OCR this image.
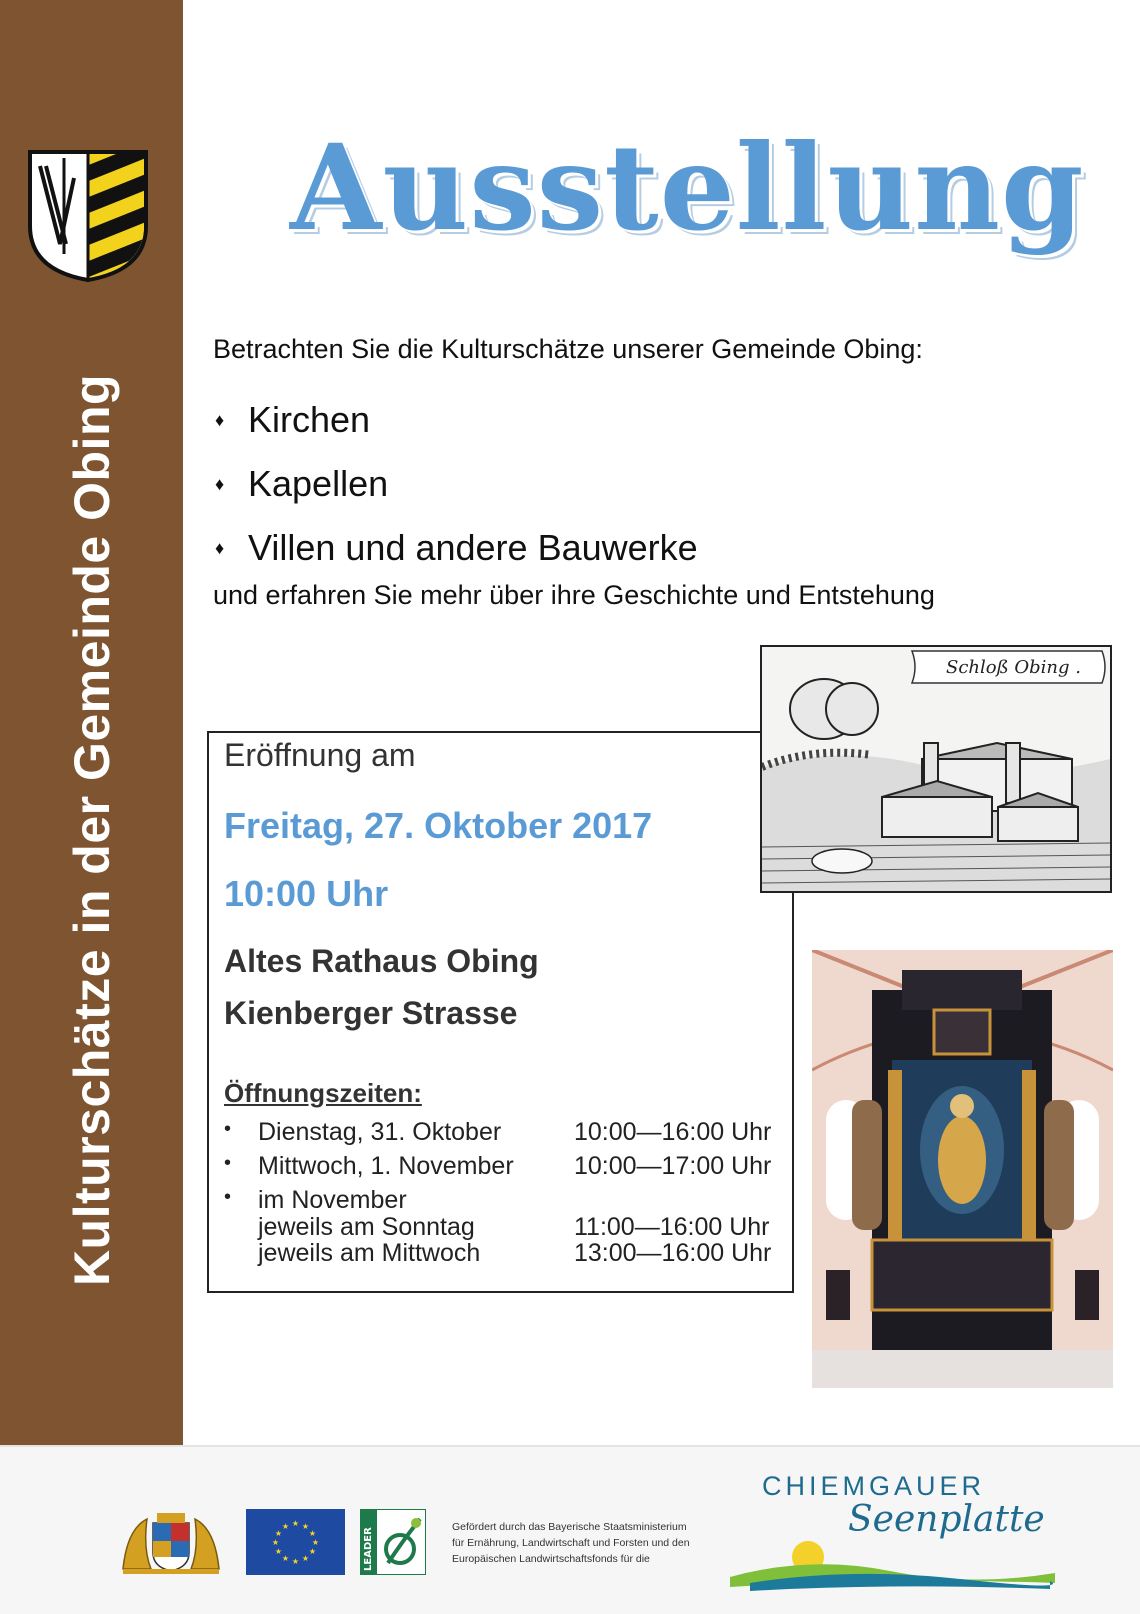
Kulturschätze in der Gemeinde Obing
Ausstellung
Betrachten Sie die Kulturschätze unserer Gemeinde Obing:
♦ Kirchen
♦ Kapellen
♦ Villen und andere Bauwerke
und erfahren Sie mehr über ihre Geschichte und Entstehung
Eröffnung am
Freitag, 27. Oktober 2017
10:00 Uhr
Altes Rathaus Obing
Kienberger Strasse
Öffnungszeiten:
• Dienstag, 31. Oktober	10:00—16:00 Uhr
• Mittwoch, 1. November 10:00—17:00 Uhr
• im November
jeweils am Sonntag	11:00—16:00 Uhr
jeweils am Mittwoch	13:00—16:00 Uhr
Schloß Obing .
★ ★
★
★
★
★
★
★
★
★
★
★
LEADER
Gefördert durch das Bayerische Staatsministerium
für Ernährung, Landwirtschaft und Forsten und den
Europäischen Landwirtschaftsfonds für die
CHIEMGAUER
Seenplatte
